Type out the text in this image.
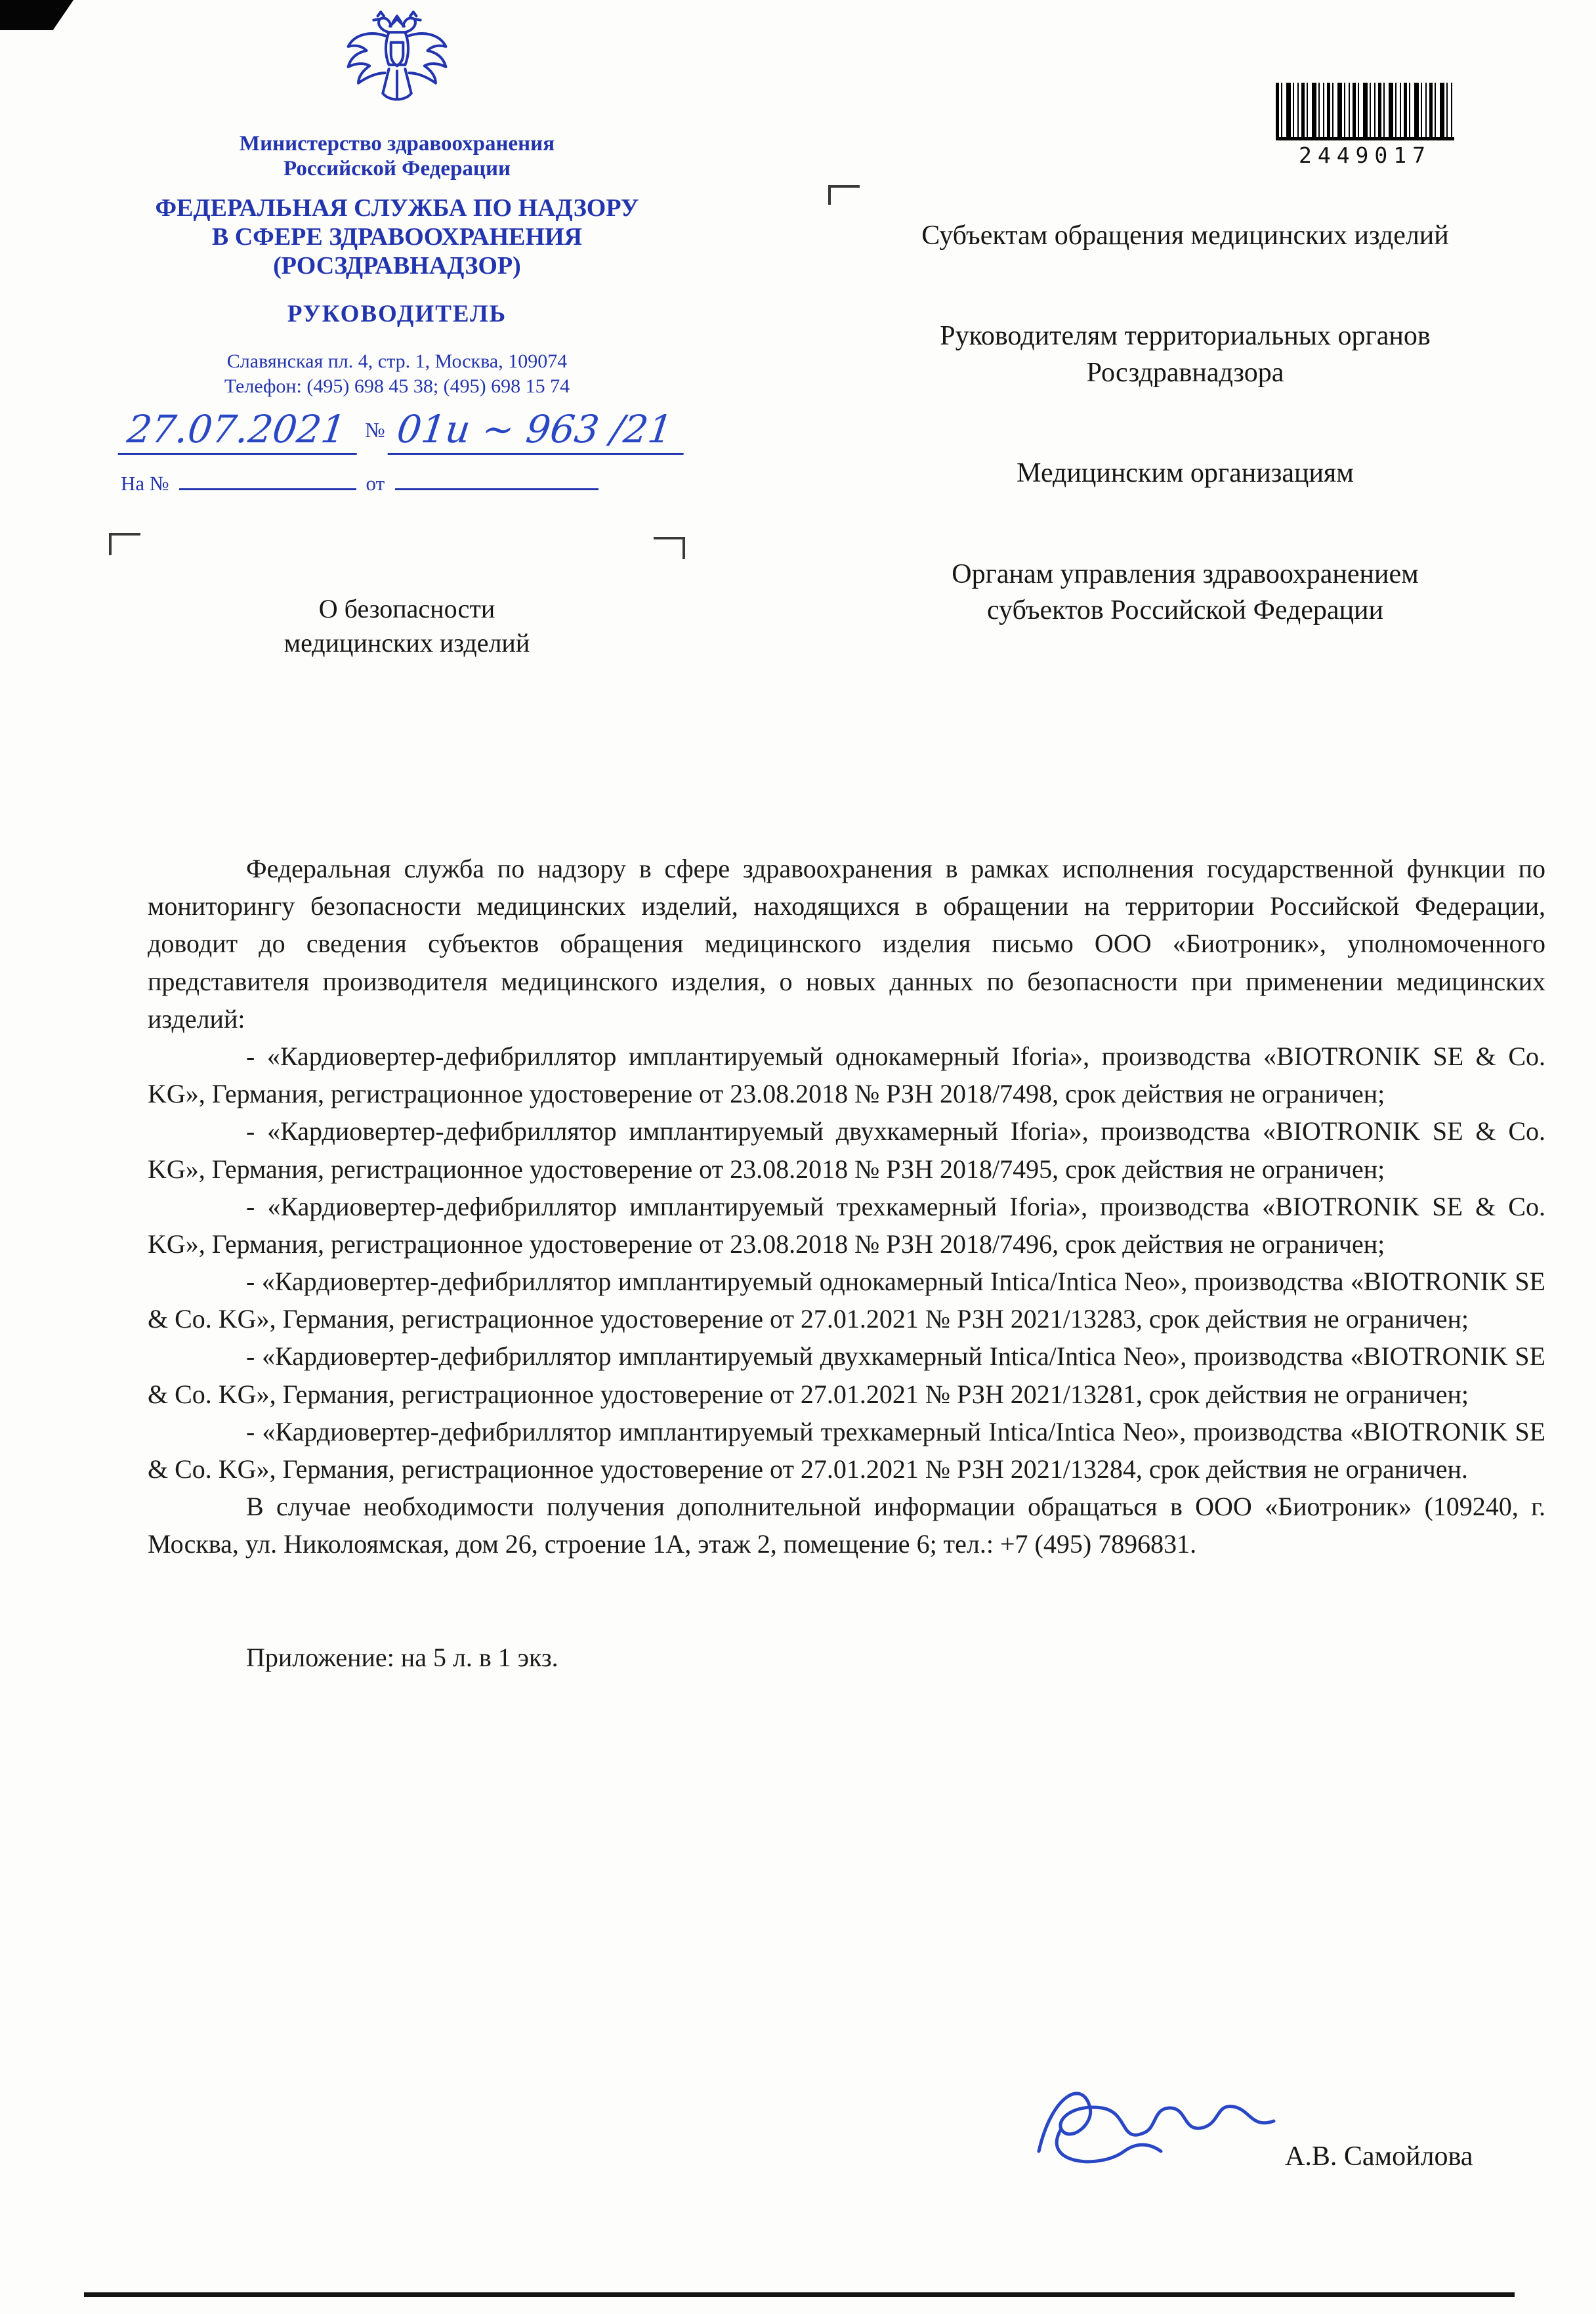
Министерство здравоохранения
Российской Федерации
ФЕДЕРАЛЬНАЯ СЛУЖБА ПО НАДЗОРУ
В СФЕРЕ ЗДРАВООХРАНЕНИЯ
(РОСЗДРАВНАДЗОР)
РУКОВОДИТЕЛЬ
Славянская пл. 4, стр. 1, Москва, 109074
Телефон: (495) 698 45 38; (495) 698 15 74
27.07.2021 № 01и ~ 963 /21
На №	от
2449017
Субъектам обращения медицинских изделий
Руководителям территориальных органов Росздравнадзора
Медицинским организациям
Органам управления здравоохранением субъектов Российской Федерации
О безопасности
медицинских изделий

Федеральная служба по надзору в сфере здравоохранения в рамках исполнения государственной функции по мониторингу безопасности медицинских изделий, находящихся в обращении на территории Российской Федерации, доводит до сведения субъектов обращения медицинского изделия письмо ООО «Биотроник», уполномоченного представителя производителя медицинского изделия, о новых данных по безопасности при применении медицинских изделий:

- «Кардиовертер-дефибриллятор имплантируемый однокамерный Iforia», производства «BIOTRONIK SE & Co. KG», Германия, регистрационное удостоверение от 23.08.2018 № РЗН 2018/7498, срок действия не ограничен;

- «Кардиовертер-дефибриллятор имплантируемый двухкамерный Iforia», производства «BIOTRONIK SE & Co. KG», Германия, регистрационное удостоверение от 23.08.2018 № РЗН 2018/7495, срок действия не ограничен;

- «Кардиовертер-дефибриллятор имплантируемый трехкамерный Iforia», производства «BIOTRONIK SE & Co. KG», Германия, регистрационное удостоверение от 23.08.2018 № РЗН 2018/7496, срок действия не ограничен;

- «Кардиовертер-дефибриллятор имплантируемый однокамерный Intica/Intica Neo», производства «BIOTRONIK SE & Co. KG», Германия, регистрационное удостоверение от 27.01.2021 № РЗН 2021/13283, срок действия не ограничен;

- «Кардиовертер-дефибриллятор имплантируемый двухкамерный Intica/Intica Neo», производства «BIOTRONIK SE & Co. KG», Германия, регистрационное удостоверение от 27.01.2021 № РЗН 2021/13281, срок действия не ограничен;

- «Кардиовертер-дефибриллятор имплантируемый трехкамерный Intica/Intica Neo», производства «BIOTRONIK SE & Co. KG», Германия, регистрационное удостоверение от 27.01.2021 № РЗН 2021/13284, срок действия не ограничен.

В случае необходимости получения дополнительной информации обращаться в ООО «Биотроник» (109240, г. Москва, ул. Николоямская, дом 26, строение 1А, этаж 2, помещение 6; тел.: +7 (495) 7896831.

Приложение: на 5 л. в 1 экз.

А.В. Самойлова
